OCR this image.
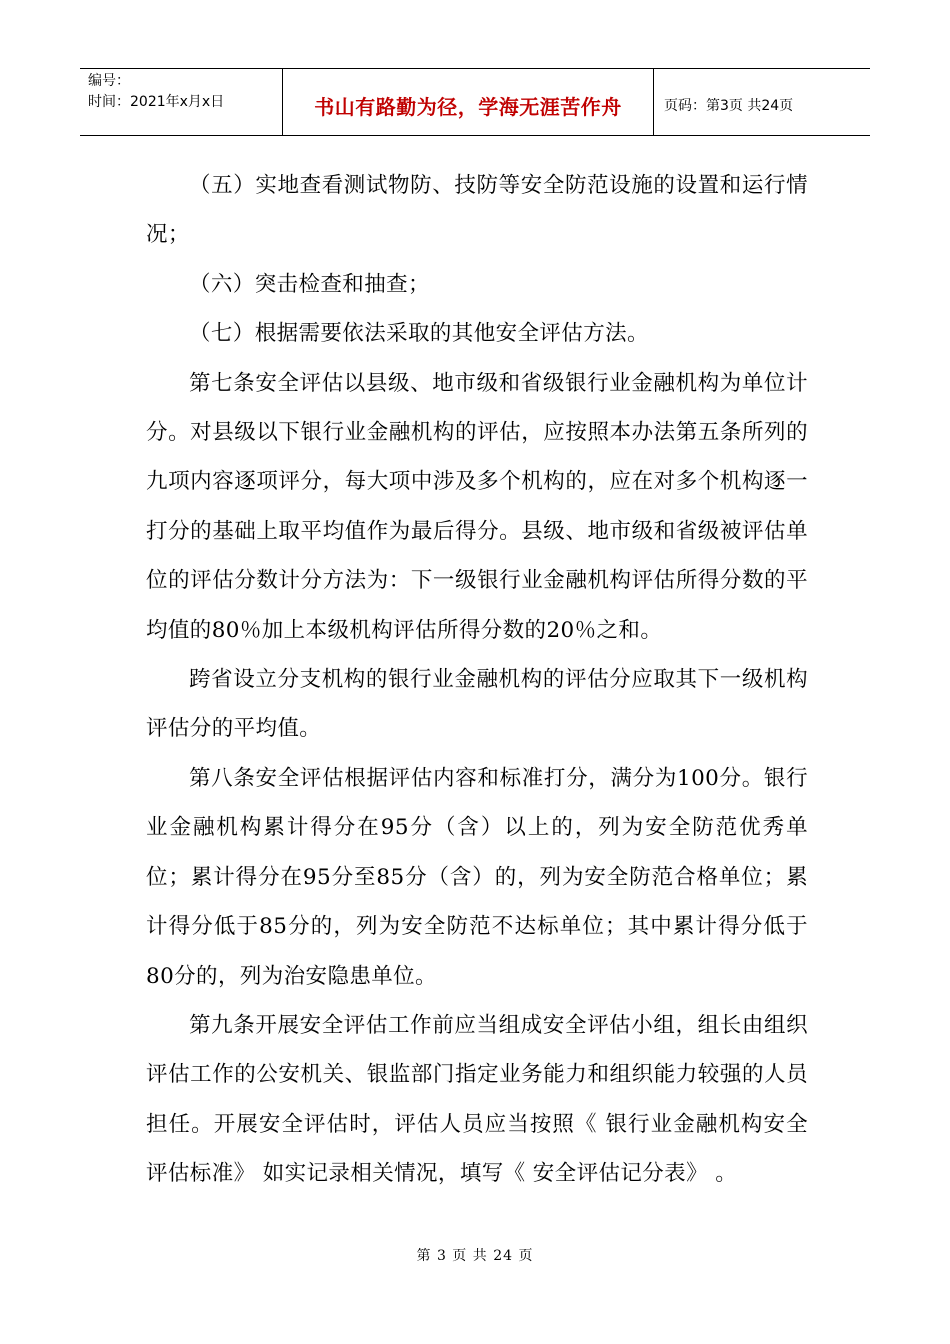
编号：
时间：2021年x月x日	书山有路勤为径，学海无涯苦作舟	页码：第3页 共24页

（五）实地查看测试物防、技防等安全防范设施的设置和运行情况；

（六）突击检查和抽查；

（七）根据需要依法采取的其他安全评估方法。

第七条安全评估以县级、地市级和省级银行业金融机构为单位计分。对县级以下银行业金融机构的评估，应按照本办法第五条所列的九项内容逐项评分，每大项中涉及多个机构的，应在对多个机构逐一打分的基础上取平均值作为最后得分。县级、地市级和省级被评估单位的评估分数计分方法为：下一级银行业金融机构评估所得分数的平均值的80％加上本级机构评估所得分数的20％之和。

跨省设立分支机构的银行业金融机构的评估分应取其下一级机构评估分的平均值。

第八条安全评估根据评估内容和标准打分，满分为100分。银行业金融机构累计得分在95分（含）以上的，列为安全防范优秀单位；累计得分在95分至85分（含）的，列为安全防范合格单位；累计得分低于85分的，列为安全防范不达标单位；其中累计得分低于80分的，列为治安隐患单位。

第九条开展安全评估工作前应当组成安全评估小组，组长由组织评估工作的公安机关、银监部门指定业务能力和组织能力较强的人员担任。开展安全评估时，评估人员应当按照《 银行业金融机构安全评估标准》 如实记录相关情况，填写《 安全评估记分表》 。

第 3 页 共 24 页
